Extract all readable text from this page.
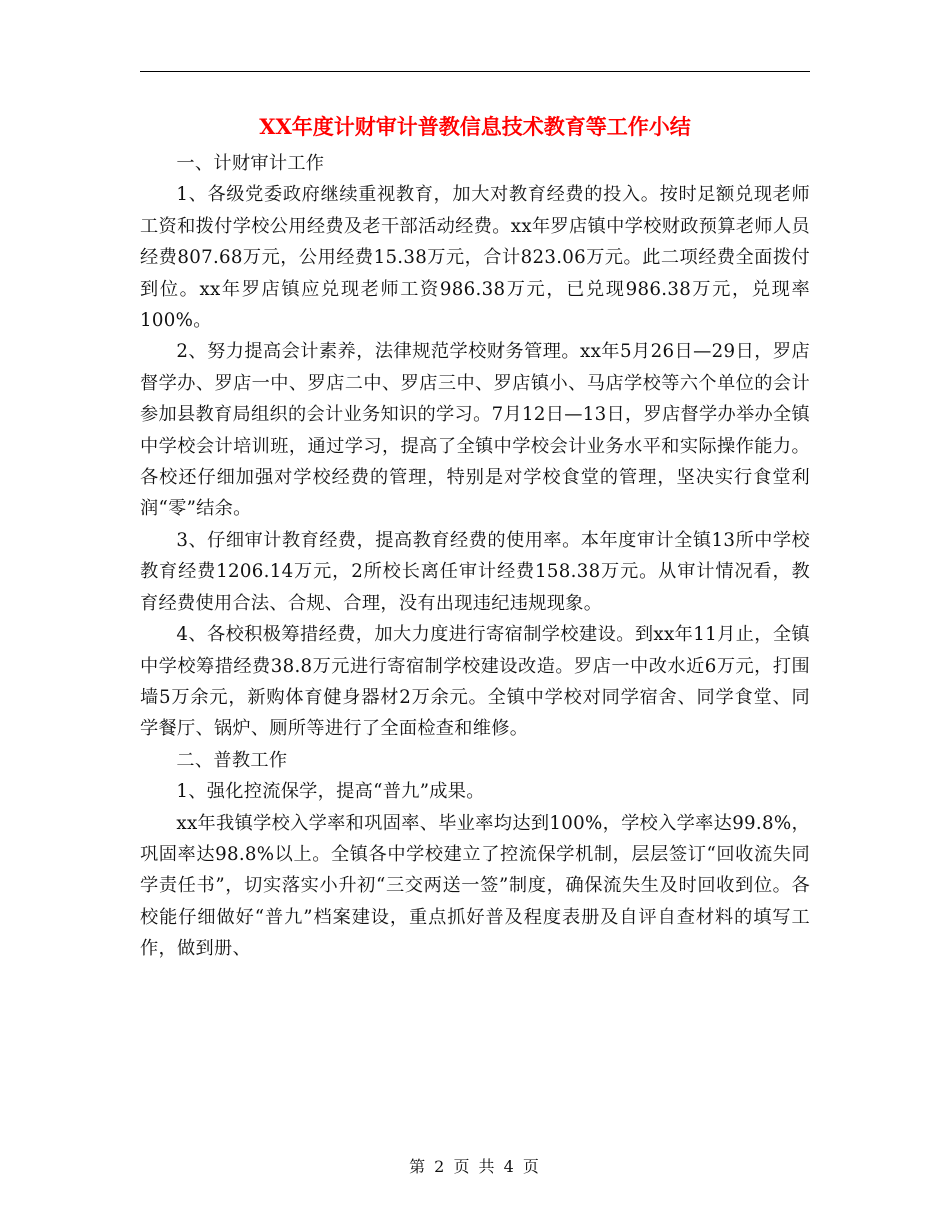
XX年度计财审计普教信息技术教育等工作小结

一、计财审计工作

1、各级党委政府继续重视教育，加大对教育经费的投入。按时足额兑现老师工资和拨付学校公用经费及老干部活动经费。xx年罗店镇中学校财政预算老师人员经费807.68万元，公用经费15.38万元，合计823.06万元。此二项经费全面拨付到位。xx年罗店镇应兑现老师工资986.38万元，已兑现986.38万元，兑现率100%。

2、努力提高会计素养，法律规范学校财务管理。xx年5月26日—29日，罗店督学办、罗店一中、罗店二中、罗店三中、罗店镇小、马店学校等六个单位的会计参加县教育局组织的会计业务知识的学习。7月12日—13日，罗店督学办举办全镇中学校会计培训班，通过学习，提高了全镇中学校会计业务水平和实际操作能力。各校还仔细加强对学校经费的管理，特别是对学校食堂的管理，坚决实行食堂利润“零”结余。

3、仔细审计教育经费，提高教育经费的使用率。本年度审计全镇13所中学校教育经费1206.14万元，2所校长离任审计经费158.38万元。从审计情况看，教育经费使用合法、合规、合理，没有出现违纪违规现象。

4、各校积极筹措经费，加大力度进行寄宿制学校建设。到xx年11月止，全镇中学校筹措经费38.8万元进行寄宿制学校建设改造。罗店一中改水近6万元，打围墙5万余元，新购体育健身器材2万余元。全镇中学校对同学宿舍、同学食堂、同学餐厅、锅炉、厕所等进行了全面检查和维修。

二、普教工作

1、强化控流保学，提高“普九”成果。

xx年我镇学校入学率和巩固率、毕业率均达到100%，学校入学率达99.8%，巩固率达98.8%以上。全镇各中学校建立了控流保学机制，层层签订“回收流失同学责任书”，切实落实小升初“三交两送一签”制度，确保流失生及时回收到位。各校能仔细做好“普九”档案建设，重点抓好普及程度表册及自评自查材料的填写工作，做到册、

第 2 页 共 4 页
